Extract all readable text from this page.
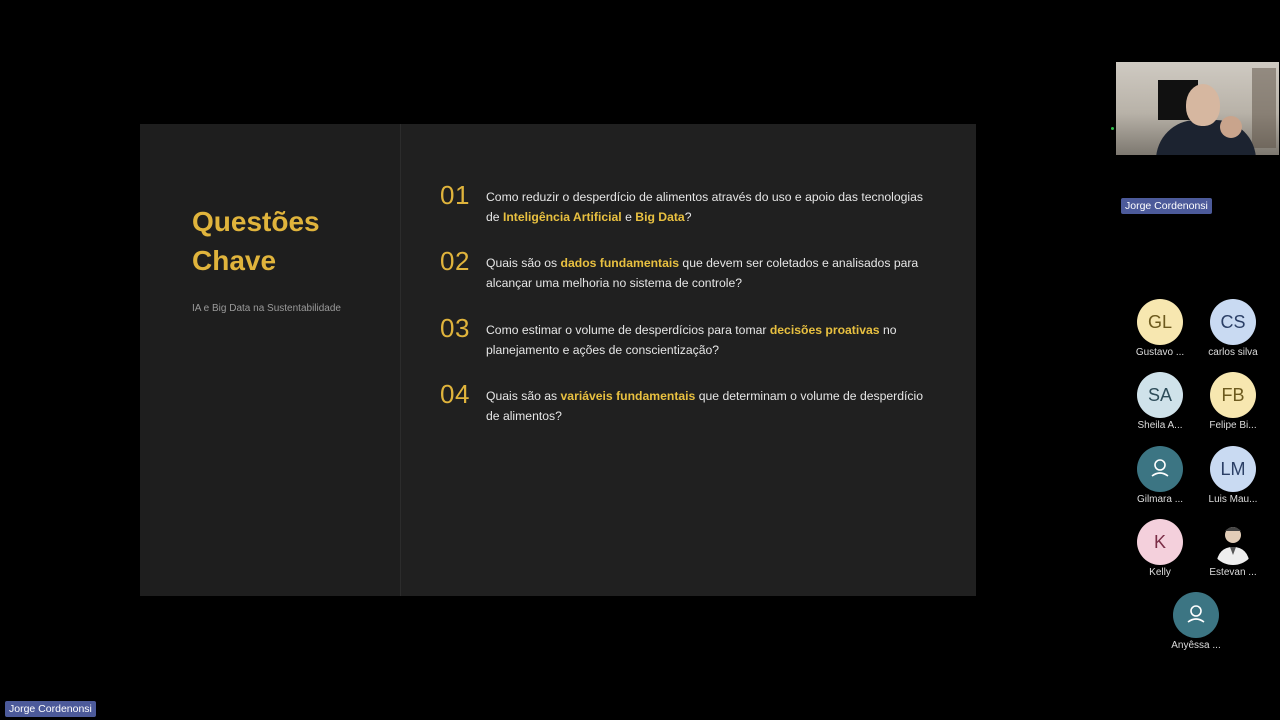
Questões
Chave
IA e Big Data na Sustentabilidade
01 Como reduzir o desperdício de alimentos através do uso e apoio das tecnologias de Inteligência Artificial e Big Data?
02 Quais são os dados fundamentais que devem ser coletados e analisados para alcançar uma melhoria no sistema de controle?
03 Como estimar o volume de desperdícios para tomar decisões proativas no planejamento e ações de conscientização?
04 Quais são as variáveis fundamentais que determinam o volume de desperdício de alimentos?
Jorge Cordenonsi
GL
Gustavo ...
CS
carlos silva
SA
Sheila A...
FB
Felipe Bi...
Gilmara ...
LM
Luis Mau...
K
Kelly	Estevan ...
Anyêssa ...
Jorge Cordenonsi
